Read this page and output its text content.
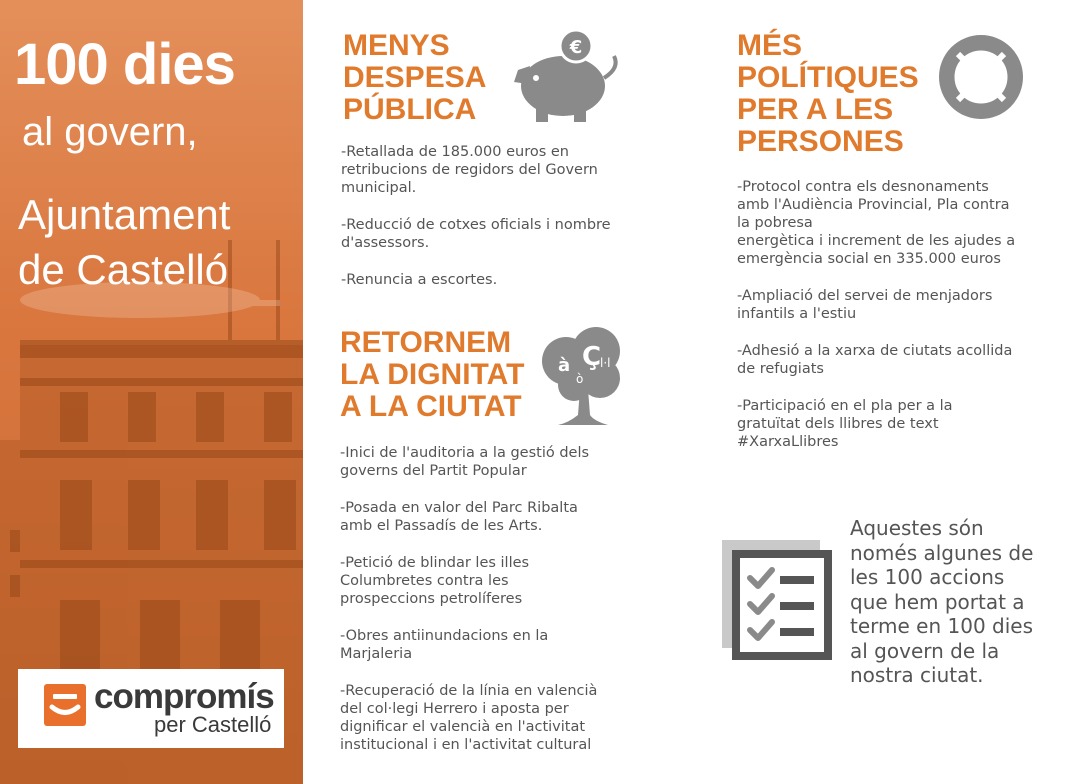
100 dies

al govern,

Ajuntament
de Castelló

compromís
per Castelló
MENYS
DESPESA
PÚBLICA
€
-Retallada de 185.000 euros en
retribucions de regidors del Govern
municipal.
-Reducció de cotxes oficials i nombre
d'assessors.
-Renuncia a escortes.
RETORNEM
LA DIGNITAT
A LA CIUTAT
à Ç
ò
l·l
-Inici de l'auditoria a la gestió dels
governs del Partit Popular
-Posada en valor del Parc Ribalta
amb el Passadís de les Arts.
-Petició de blindar les illes
Columbretes contra les
prospeccions petrolíferes
-Obres antiinundacions en la
Marjaleria
-Recuperació de la línia en valencià
del col·legi Herrero i aposta per
dignificar el valencià en l'activitat
institucional i en l'activitat cultural
MÉS
POLÍTIQUES
PER A LES
PERSONES
-Protocol contra els desnonaments
amb l'Audiència Provincial, Pla contra
la pobresa
energètica i increment de les ajudes a
emergència social en 335.000 euros
-Ampliació del servei de menjadors
infantils a l'estiu
-Adhesió a la xarxa de ciutats acollida
de refugiats
-Participació en el pla per a la
gratuïtat dels llibres de text
#XarxaLlibres

Aquestes són
només algunes de
les 100 accions
que hem portat a
terme en 100 dies
al govern de la
nostra ciutat.
